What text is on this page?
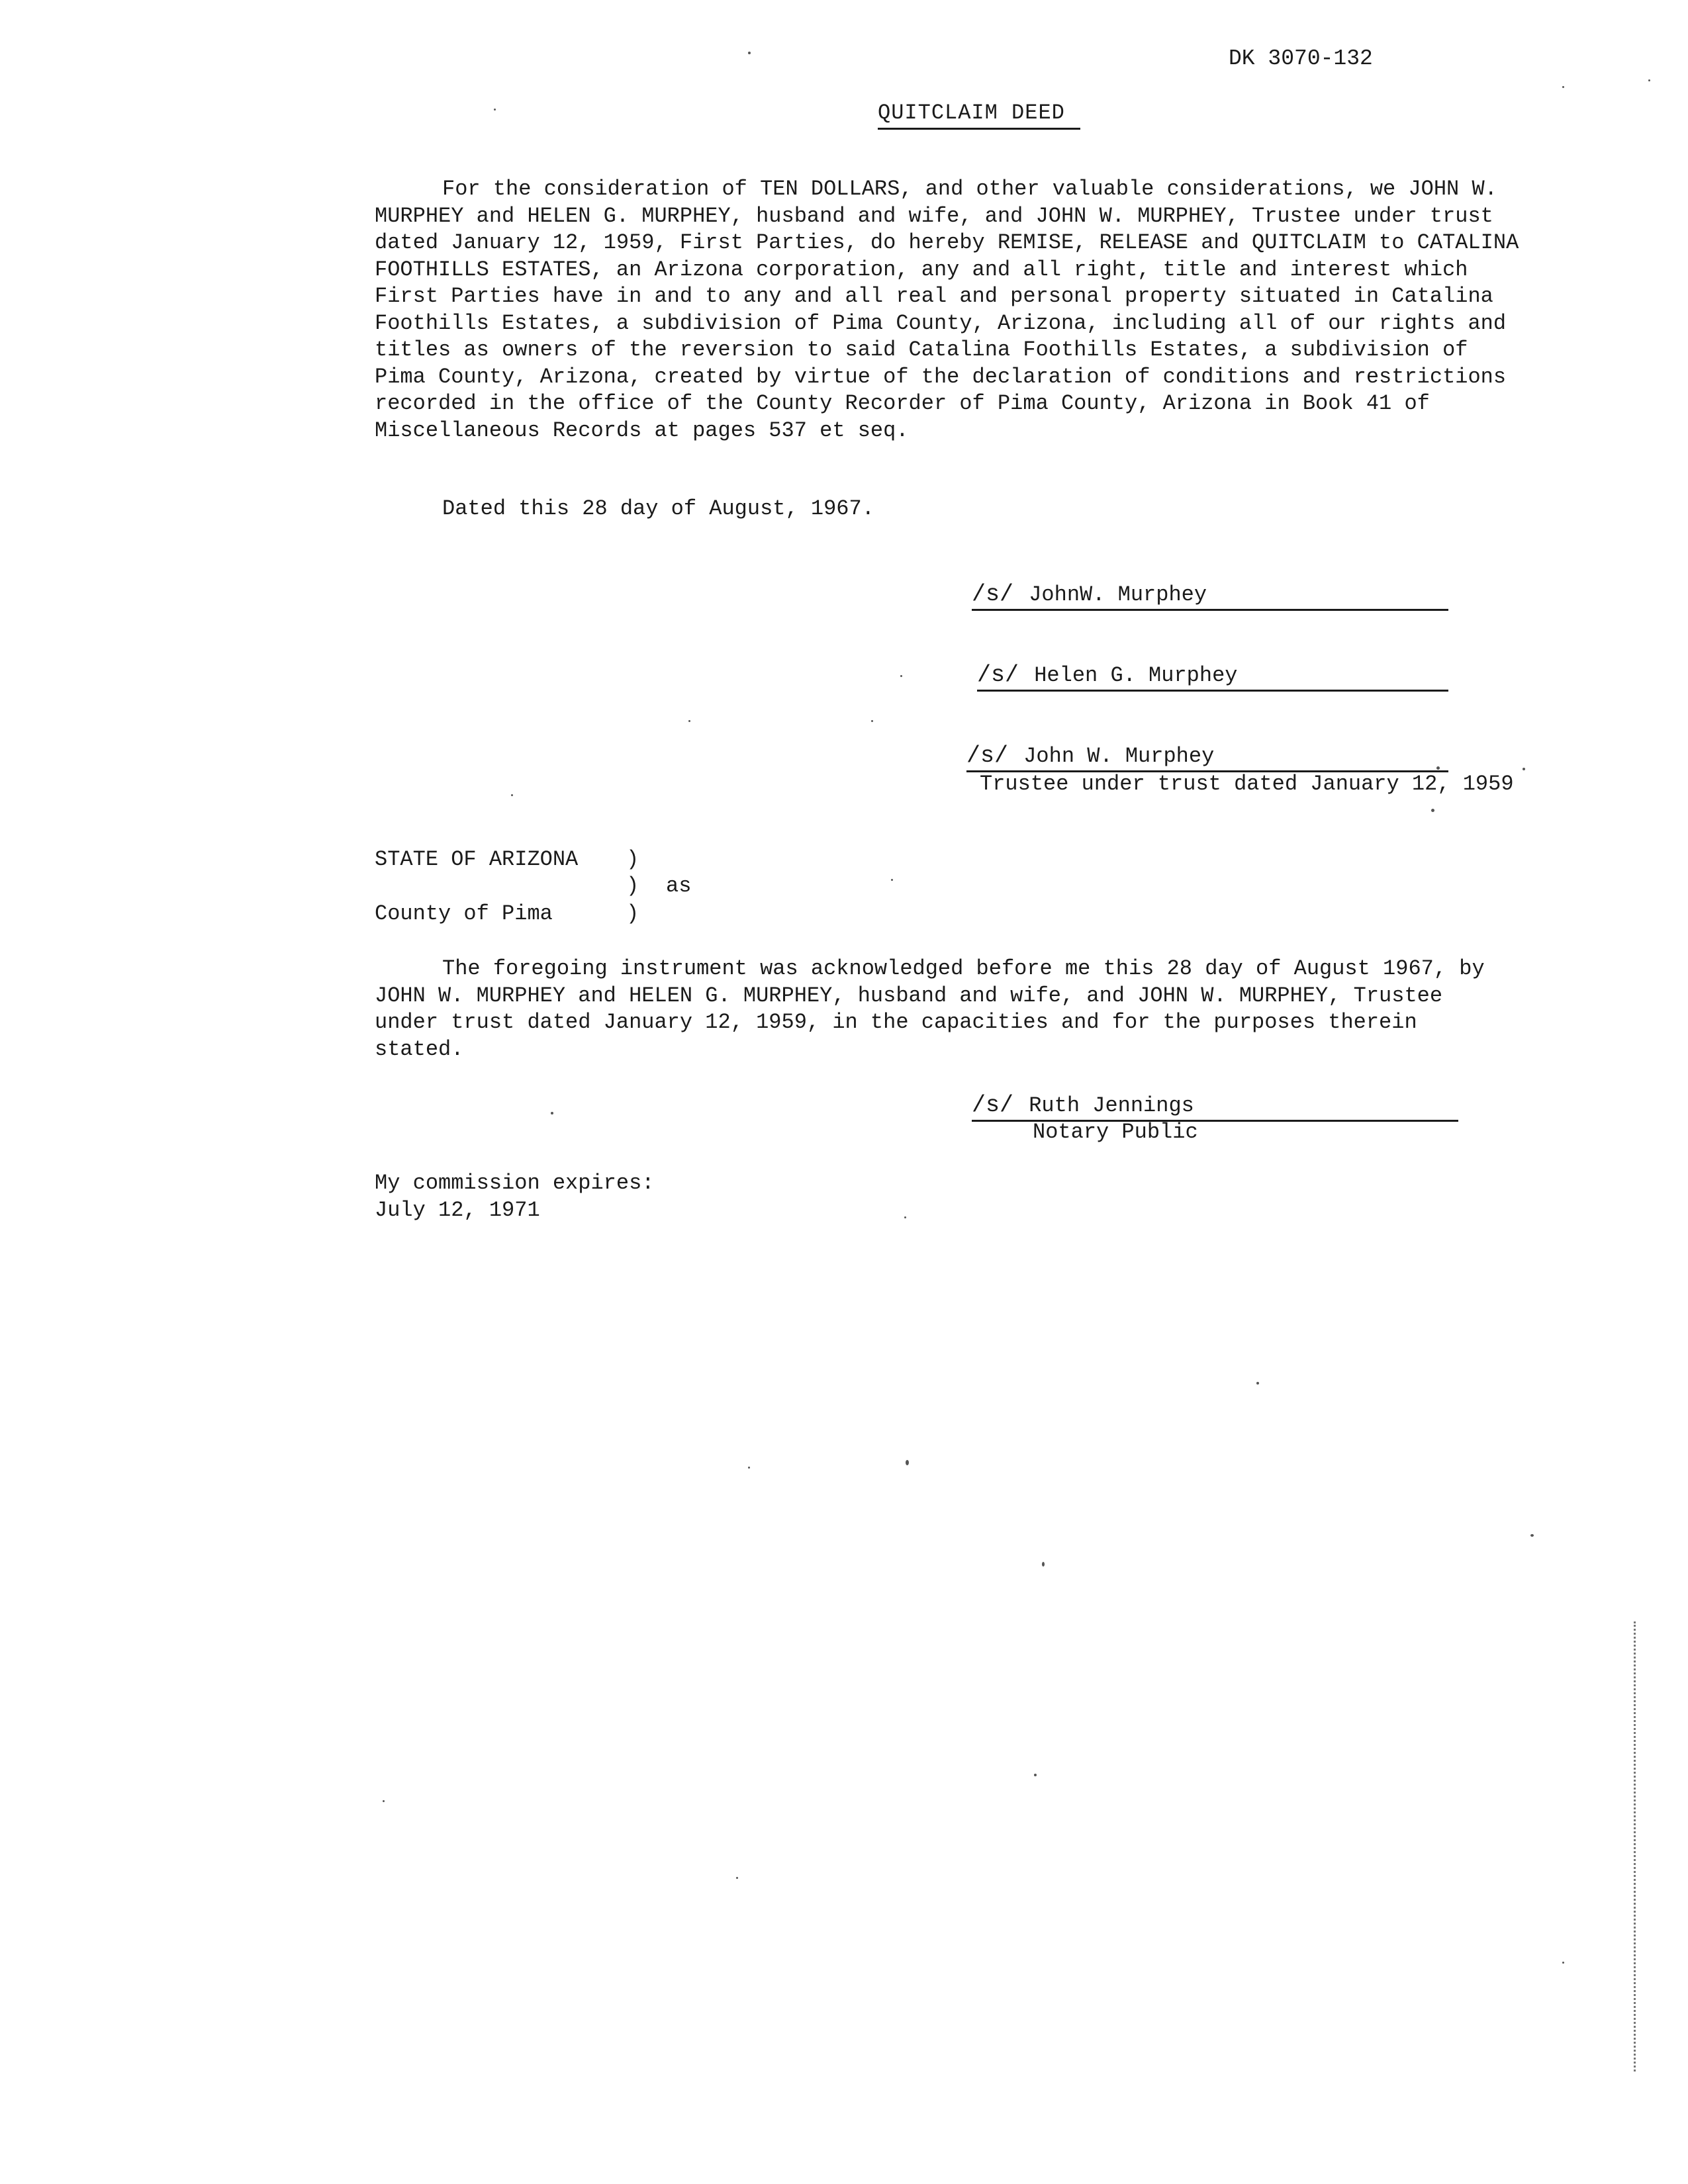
DK 3070-132
QUITCLAIM DEED

For the consideration of TEN DOLLARS, and other valuable considerations, we JOHN W. MURPHEY and HELEN G. MURPHEY, husband and wife, and JOHN W. MURPHEY, Trustee under trust dated January 12, 1959, First Parties, do hereby REMISE, RELEASE and QUITCLAIM to CATALINA FOOTHILLS ESTATES, an Arizona corporation, any and all right, title and interest which First Parties have in and to any and all real and personal property situated in Catalina Foothills Estates, a subdivision of Pima County, Arizona, including all of our rights and titles as owners of the reversion to said Catalina Foothills Estates, a subdivision of Pima County, Arizona, created by virtue of the declaration of conditions and restrictions recorded in the office of the County Recorder of Pima County, Arizona in Book 41 of Miscellaneous Records at pages 537 et seq.

Dated this 28 day of August, 1967.
/s/ JohnW. Murphey
/s/ Helen G. Murphey
/s/ John W. Murphey
Trustee under trust dated January 12, 1959
STATE OF ARIZONA )
) as
County of Pima	)

The foregoing instrument was acknowledged before me this 28 day of August 1967, by JOHN W. MURPHEY and HELEN G. MURPHEY, husband and wife, and JOHN W. MURPHEY, Trustee under trust dated January 12, 1959, in the capacities and for the purposes therein stated.

/s/ Ruth Jennings
Notary Public
My commission expires:
July 12, 1971
